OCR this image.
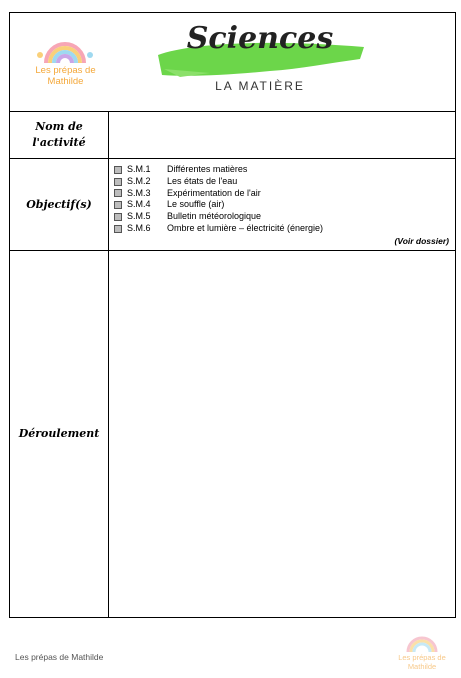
Les prépas de
Mathilde
Sciences
LA MATIÈRE
Nom de
l'activité
Objectif(s)
S.M.1	Différentes matières
S.M.2	Les états de l'eau
S.M.3	Expérimentation de l'air
S.M.4	Le souffle (air)
S.M.5	Bulletin météorologique
S.M.6	Ombre et lumière – électricité (énergie)
(Voir dossier)
Déroulement
Les prépas de Mathilde	Les prépas de
Mathilde
